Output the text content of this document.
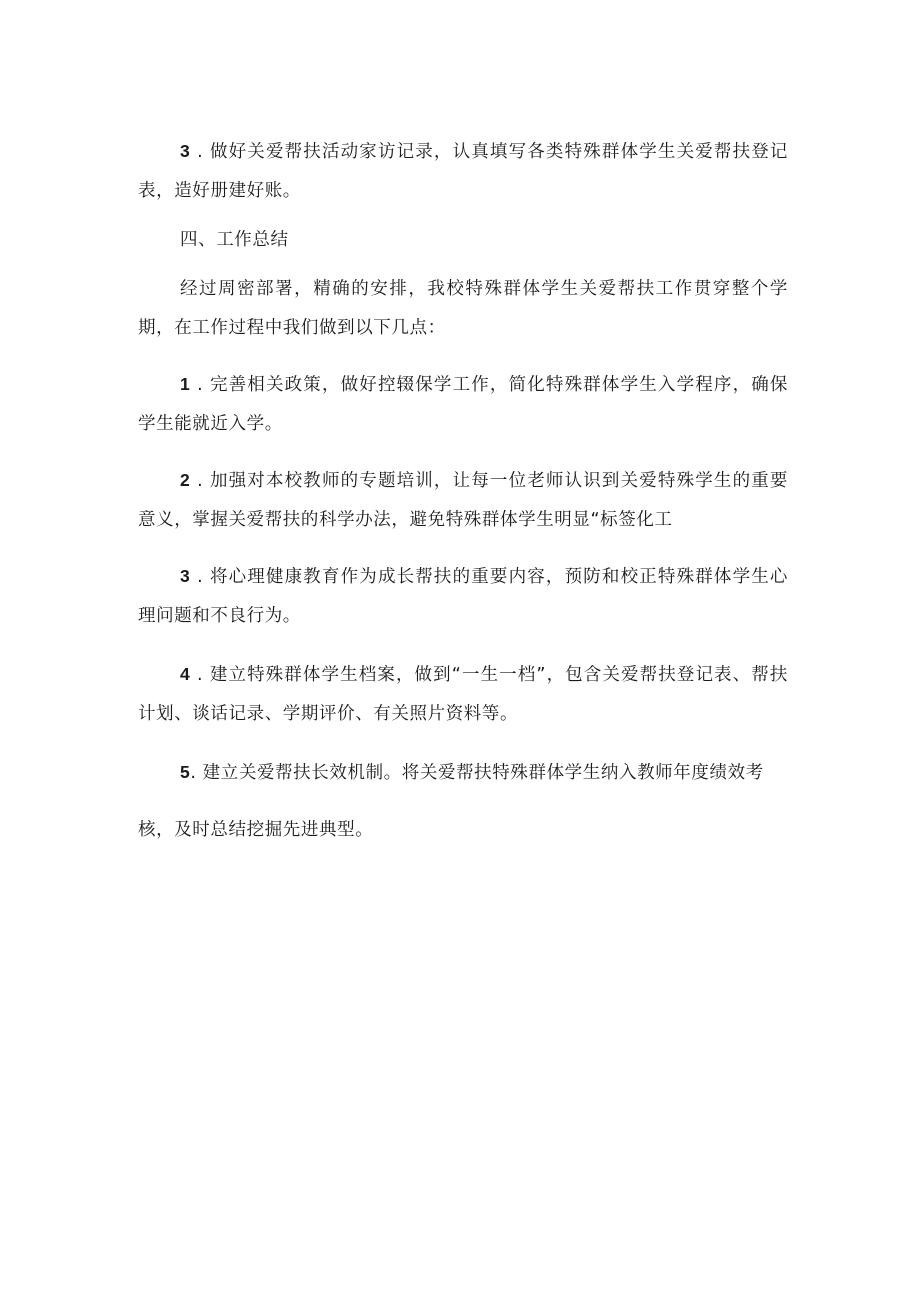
3 . 做好关爱帮扶活动家访记录，认真填写各类特殊群体学生关爱帮扶登记表，造好册建好账。

四、工作总结

经过周密部署，精确的安排，我校特殊群体学生关爱帮扶工作贯穿整个学期，在工作过程中我们做到以下几点：

1 . 完善相关政策，做好控辍保学工作，简化特殊群体学生入学程序，确保学生能就近入学。

2 . 加强对本校教师的专题培训，让每一位老师认识到关爱特殊学生的重要意义，掌握关爱帮扶的科学办法，避免特殊群体学生明显“标签化工

3 . 将心理健康教育作为成长帮扶的重要内容，预防和校正特殊群体学生心理问题和不良行为。

4 . 建立特殊群体学生档案，做到“一生一档”，包含关爱帮扶登记表、帮扶计划、谈话记录、学期评价、有关照片资料等。

5. 建立关爱帮扶长效机制。将关爱帮扶特殊群体学生纳入教师年度绩效考

核，及时总结挖掘先进典型。
